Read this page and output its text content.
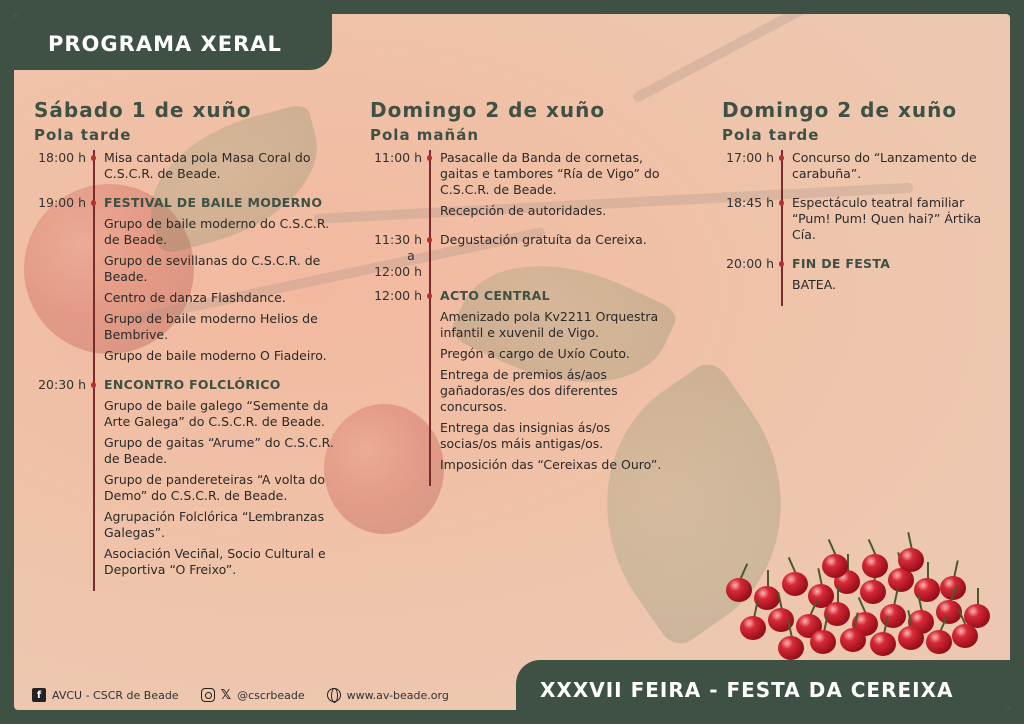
PROGRAMA XERAL
Sábado 1 de xuño
Pola tarde
18:00 h Misa cantada pola Masa Coral do C.S.C.R. de Beade.
19:00 h FESTIVAL DE BAILE MODERNO
Grupo de baile moderno do C.S.C.R. de Beade.
Grupo de sevillanas do C.S.C.R. de Beade.
Centro de danza Flashdance.
Grupo de baile moderno Helios de Bembrive.
Grupo de baile moderno O Fiadeiro.
20:30 h ENCONTRO FOLCLÓRICO
Grupo de baile galego “Semente da Arte Galega” do C.S.C.R. de Beade.
Grupo de gaitas “Arume” do C.S.C.R. de Beade.
Grupo de pandereteiras “A volta do Demo” do C.S.C.R. de Beade.
Agrupación Folclórica “Lembranzas Galegas”.
Asociación Veciñal, Socio Cultural e Deportiva “O Freixo”.
Domingo 2 de xuño
Pola mañán
11:00 h Pasacalle da Banda de cornetas, gaitas e tambores “Ría de Vigo” do C.S.C.R. de Beade.
Recepción de autoridades.
11:30 h
a
12:00 h
Degustación gratuíta da Cereixa.
12:00 h ACTO CENTRAL
Amenizado pola Kv2211 Orquestra infantil e xuvenil de Vigo.
Pregón a cargo de Uxío Couto.
Entrega de premios ás/aos gañadoras/es dos diferentes concursos.
Entrega das insignias ás/os socias/os máis antigas/os.
Imposición das “Cereixas de Ouro”.
Domingo 2 de xuño
Pola tarde
17:00 h Concurso do “Lanzamento de carabuña”.
18:45 h Espectáculo teatral familiar “Pum! Pum! Quen hai?” Ártika Cía.
20:00 h FIN DE FESTA
BATEA.
f AVCU - CSCR de Beade	𝕏 @cscrbeade	www.av-beade.org	XXXVII FEIRA - FESTA DA CEREIXA
